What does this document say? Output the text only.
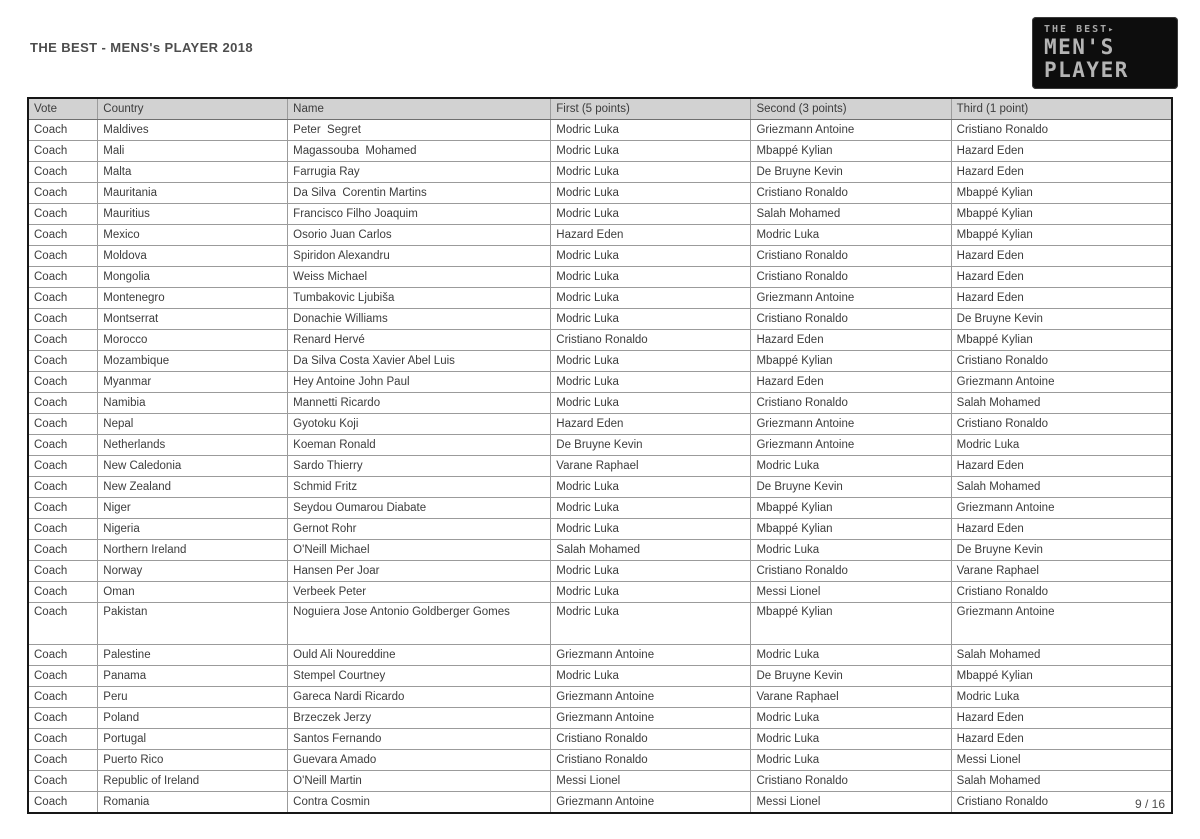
THE BEST - MENS's PLAYER 2018
THE BEST▸
MEN'S
PLAYER
Vote	Country	Name	First (5 points)	Second (3 points)	Third (1 point)
Coach	Maldives	Peter  Segret	Modric Luka	Griezmann Antoine	Cristiano Ronaldo
Coach	Mali	Magassouba  Mohamed	Modric Luka	Mbappé Kylian	Hazard Eden
Coach	Malta	Farrugia Ray	Modric Luka	De Bruyne Kevin	Hazard Eden
Coach	Mauritania	Da Silva  Corentin Martins	Modric Luka	Cristiano Ronaldo	Mbappé Kylian
Coach	Mauritius	Francisco Filho Joaquim	Modric Luka	Salah Mohamed	Mbappé Kylian
Coach	Mexico	Osorio Juan Carlos	Hazard Eden	Modric Luka	Mbappé Kylian
Coach	Moldova	Spiridon Alexandru	Modric Luka	Cristiano Ronaldo	Hazard Eden
Coach	Mongolia	Weiss Michael	Modric Luka	Cristiano Ronaldo	Hazard Eden
Coach	Montenegro	Tumbakovic Ljubiša	Modric Luka	Griezmann Antoine	Hazard Eden
Coach	Montserrat	Donachie Williams	Modric Luka	Cristiano Ronaldo	De Bruyne Kevin
Coach	Morocco	Renard Hervé	Cristiano Ronaldo	Hazard Eden	Mbappé Kylian
Coach	Mozambique	Da Silva Costa Xavier Abel Luis	Modric Luka	Mbappé Kylian	Cristiano Ronaldo
Coach	Myanmar	Hey Antoine John Paul	Modric Luka	Hazard Eden	Griezmann Antoine
Coach	Namibia	Mannetti Ricardo	Modric Luka	Cristiano Ronaldo	Salah Mohamed
Coach	Nepal	Gyotoku Koji	Hazard Eden	Griezmann Antoine	Cristiano Ronaldo
Coach	Netherlands	Koeman Ronald	De Bruyne Kevin	Griezmann Antoine	Modric Luka
Coach	New Caledonia	Sardo Thierry	Varane Raphael	Modric Luka	Hazard Eden
Coach	New Zealand	Schmid Fritz	Modric Luka	De Bruyne Kevin	Salah Mohamed
Coach	Niger	Seydou Oumarou Diabate	Modric Luka	Mbappé Kylian	Griezmann Antoine
Coach	Nigeria	Gernot Rohr	Modric Luka	Mbappé Kylian	Hazard Eden
Coach	Northern Ireland	O'Neill Michael	Salah Mohamed	Modric Luka	De Bruyne Kevin
Coach	Norway	Hansen Per Joar	Modric Luka	Cristiano Ronaldo	Varane Raphael
Coach	Oman	Verbeek Peter	Modric Luka	Messi Lionel	Cristiano Ronaldo
Coach	Pakistan	Noguiera Jose Antonio Goldberger Gomes	Modric Luka	Mbappé Kylian	Griezmann Antoine
Coach	Palestine	Ould Ali Noureddine	Griezmann Antoine	Modric Luka	Salah Mohamed
Coach	Panama	Stempel Courtney	Modric Luka	De Bruyne Kevin	Mbappé Kylian
Coach	Peru	Gareca Nardi Ricardo	Griezmann Antoine	Varane Raphael	Modric Luka
Coach	Poland	Brzeczek Jerzy	Griezmann Antoine	Modric Luka	Hazard Eden
Coach	Portugal	Santos Fernando	Cristiano Ronaldo	Modric Luka	Hazard Eden
Coach	Puerto Rico	Guevara Amado	Cristiano Ronaldo	Modric Luka	Messi Lionel
Coach	Republic of Ireland	O'Neill Martin	Messi Lionel	Cristiano Ronaldo	Salah Mohamed
Coach	Romania	Contra Cosmin	Griezmann Antoine	Messi Lionel	Cristiano Ronaldo	9 / 16
